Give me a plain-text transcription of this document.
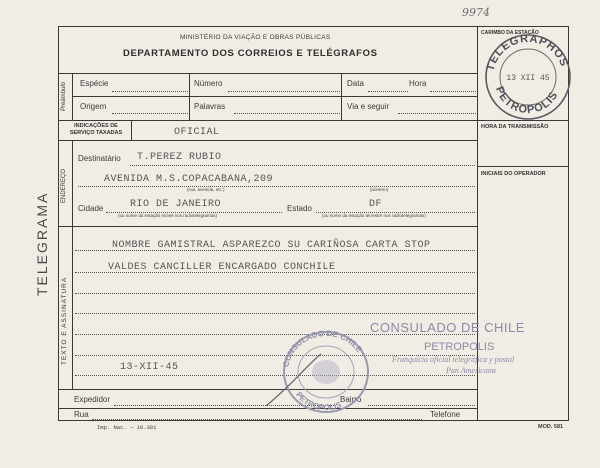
9974
MINISTÉRIO DA VIAÇÃO E OBRAS PÚBLICAS
DEPARTAMENTO DOS CORREIOS E TELÉGRAFOS
CARIMBO DA ESTAÇÃO
Preâmbulo Espécie	Número	Data	Hora
Origem	Palavras	Via e seguir
INDICAÇÕES DE SERVIÇO TAXADAS	OFICIAL	HORA DA TRANSMISSÃO
ENDEREÇO
Destinatário T.PEREZ RUBIO
INICIAIS DO OPERADOR
AVENIDA M.S.COPACABANA,209
(rua, avenida, etc.)	(número)
Cidade	RIO DE JANEIRO
(ou nome da estação móvel nos radiotelegramas)
Estado	DF
(ou nome da estação terrestre nos radiotelegramas)
TEXTO E ASSINATURA
NOMBRE GAMISTRAL ASPAREZCO SU CARIÑOSA CARTA STOP
VALDES CANCILLER ENCARGADO CONCHILE
13-XII-45
Expedidor	Bairro
Rua	Telefone
Imp. Nac. — 10.381	MOD. 581
TELEGRAMA
TELEGRAPHOS
PETROPOLIS
13 XII 45
CONSULADO DE CHILE
PETROPOLIS
CONSULADO DE CHILE
PETROPOLIS
Franquicia oficial telegrafica y postal
Pan Americana
